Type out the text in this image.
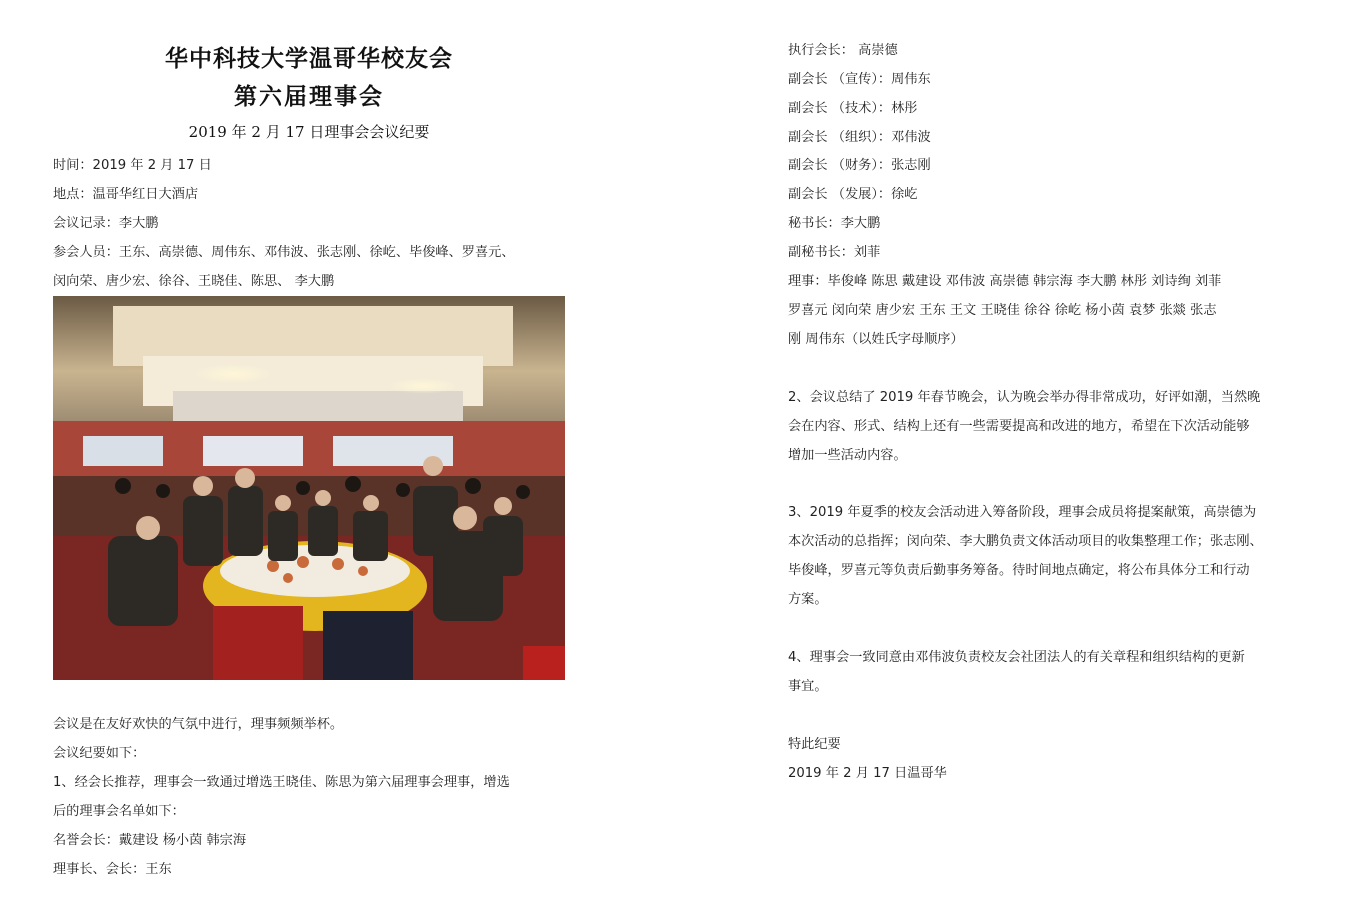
华中科技大学温哥华校友会
第六届理事会
2019 年 2 月 17 日理事会会议纪要
时间：2019 年 2 月 17 日
地点：温哥华红日大酒店
会议记录：李大鹏
参会人员：王东、高崇德、周伟东、邓伟波、张志刚、徐屹、毕俊峰、罗喜元、
闵向荣、唐少宏、徐谷、王晓佳、陈思、 李大鹏
会议是在友好欢快的气氛中进行，理事频频举杯。
会议纪要如下：
1、经会长推荐，理事会一致通过增选王晓佳、陈思为第六届理事会理事，增选
后的理事会名单如下：
名誉会长：戴建设 杨小茵 韩宗海
理事长、会长：王东
执行会长： 高崇德
副会长 （宣传）：周伟东
副会长 （技术）：林彤
副会长 （组织）：邓伟波
副会长 （财务）：张志刚
副会长 （发展）：徐屹
秘书长：李大鹏
副秘书长：刘菲
理事：毕俊峰 陈思 戴建设 邓伟波 高崇德 韩宗海 李大鹏 林彤 刘诗绚 刘菲
罗喜元 闵向荣 唐少宏 王东 王文 王晓佳 徐谷 徐屹 杨小茵 袁梦 张燚 张志
刚 周伟东（以姓氏字母顺序）
2、会议总结了 2019 年春节晚会，认为晚会举办得非常成功，好评如潮，当然晚
会在内容、形式、结构上还有一些需要提高和改进的地方，希望在下次活动能够
增加一些活动内容。
3、2019 年夏季的校友会活动进入筹备阶段，理事会成员将提案献策，高崇德为
本次活动的总指挥；闵向荣、李大鹏负责文体活动项目的收集整理工作；张志刚、
毕俊峰，罗喜元等负责后勤事务筹备。待时间地点确定，将公布具体分工和行动
方案。
4、理事会一致同意由邓伟波负责校友会社团法人的有关章程和组织结构的更新
事宜。
特此纪要
2019 年 2 月 17 日温哥华
